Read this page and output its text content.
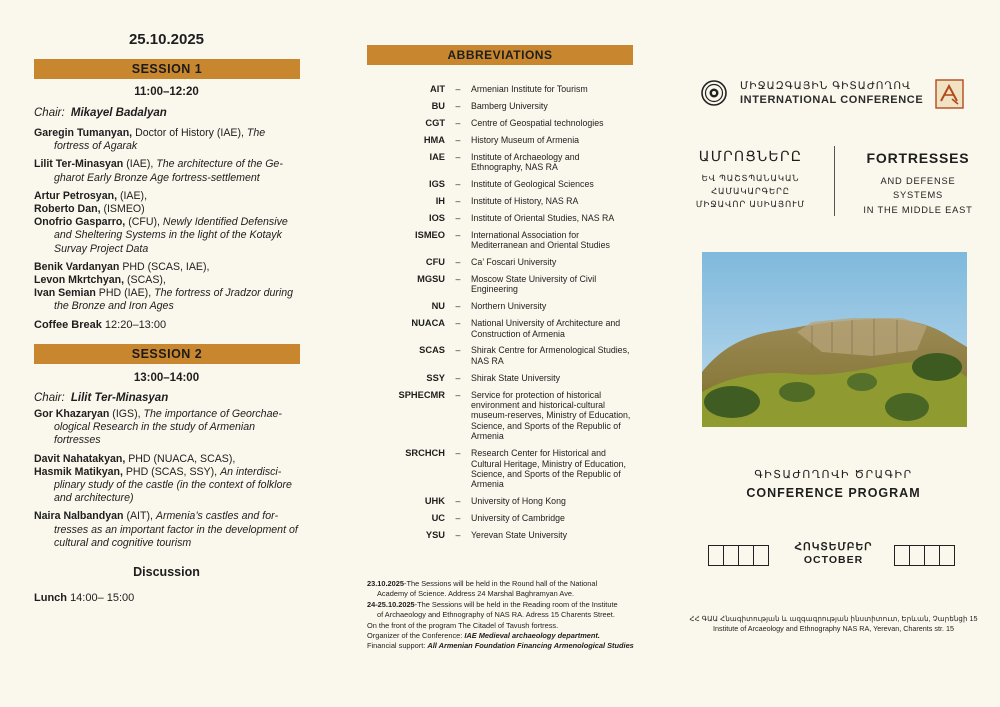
25.10.2025
SESSION 1
11:00–12:20
Chair: Mikayel Badalyan
Garegin Tumanyan, Doctor of History (IAE), The fortress of Agarak
Lilit Ter-Minasyan (IAE), The architecture of the Gegharot Early Bronze Age fortress-settlement
Artur Petrosyan, (IAE),
Roberto Dan, (ISMEO)
Onofrio Gasparro, (CFU), Newly Identified Defensive and Sheltering Systems in the light of the Kotayk Survay Project Data
Benik Vardanyan PHD (SCAS, IAE),
Levon Mkrtchyan, (SCAS),
Ivan Semian PHD (IAE), The fortress of Jradzor during the Bronze and Iron Ages
Coffee Break 12:20–13:00
SESSION 2
13:00–14:00
Chair: Lilit Ter-Minasyan
Gor Khazaryan (IGS), The importance of Georchaeological Research in the study of Armenian fortresses
Davit Nahatakyan, PHD (NUACA, SCAS),
Hasmik Matikyan, PHD (SCAS, SSY), An interdisciplinary study of the castle (in the context of folklore and architecture)
Naira Nalbandyan (AIT), Armenia’s castles and fortresses as an important factor in the development of cultural and cognitive tourism
Discussion
Lunch 14:00– 15:00
ABBREVIATIONS
AIT	–	Armenian Institute for Tourism
BU	–	Bamberg University
CGT	–	Centre of Geospatial technologies
HMA	–	History Museum of Armenia
IAE	–	Institute of Archaeology and Ethnography, NAS RA
IGS	–	Institute of Geological Sciences
IH	–	Institute of History, NAS RA
IOS	–	Institute of Oriental Studies, NAS RA
ISMEO	–	International Association for Mediterranean and Oriental Studies
CFU	–	Ca’ Foscari University
MGSU	–	Moscow State University of Civil Engineering
NU	–	Northern University
NUACA	–	National University of Architecture and Construction of Armenia
SCAS	–	Shirak Centre for Armenological Studies, NAS RA
SSY	–	Shirak State University
SPHECMR	–	Service for protection of historical environment and historical-cultural museum-reserves, Ministry of Education, Science, and Sports of the Republic of Armenia
SRCHCH	–	Research Center for Historical and Cultural Heritage, Ministry of Education, Science, and Sports of the Republic of Armenia
UHK	–	University of Hong Kong
UC	–	University of Cambridge
YSU	–	Yerevan State University
23.10.2025-The Sessions will be held in the Round hall of the National
Academy of Science. Address 24 Marshal Baghramyan Ave.
24-25.10.2025-The Sessions will be held in the Reading room of the Institute
of Archaeology and Ethnography of NAS RA. Adress 15 Charents Street.
On the front of the program The Citadel of Tavush fortress.
Organizer of the Conference: IAE Medieval archaeology department.
Financial support: All Armenian Foundation Financing Armenological Studies
ՄԻՋԱԶԳԱՅԻՆ ԳԻՏԱԺՈՂՈՎ
INTERNATIONAL CONFERENCE
ԱՄՐՈՑՆԵՐԸ
ԵՎ ՊԱՇՏՊԱՆԱԿԱՆ
ՀԱՄԱԿԱՐԳԵՐԸ
ՄԻՋԱՎՈՐ ԱՍԻԱՅՈՒՄ
FORTRESSES
AND DEFENSE
SYSTEMS
IN THE MIDDLE EAST
ԳԻՏԱԺՈՂՈՎԻ ԾՐԱԳԻՐ
CONFERENCE PROGRAM
ՀՈԿՏԵՄԲԵՐ
OCTOBER
ՀՀ ԳԱԱ Հնագիտության և ազգագրության ինստիտուտ, Երևան, Չարենցի 15
Institute of Arcaeology and Ethnography NAS RA, Yerevan, Charents str. 15
